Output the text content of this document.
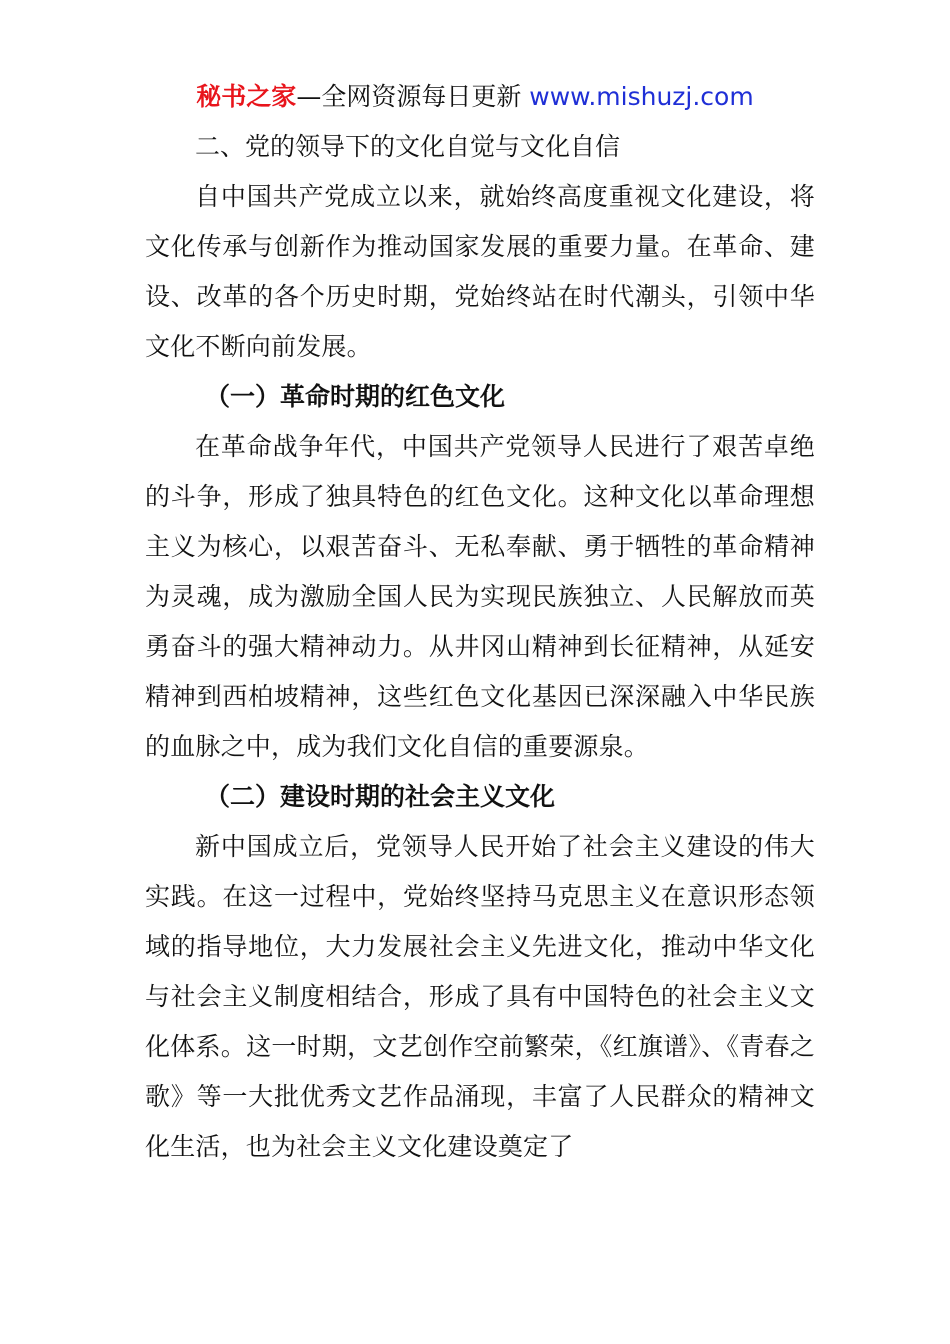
秘书之家—全网资源每日更新 www.mishuzj.com
二、党的领导下的文化自觉与文化自信

自中国共产党成立以来，就始终高度重视文化建设，将文化传承与创新作为推动国家发展的重要力量。在革命、建设、改革的各个历史时期，党始终站在时代潮头，引领中华文化不断向前发展。

（一）革命时期的红色文化

在革命战争年代，中国共产党领导人民进行了艰苦卓绝的斗争，形成了独具特色的红色文化。这种文化以革命理想主义为核心，以艰苦奋斗、无私奉献、勇于牺牲的革命精神为灵魂，成为激励全国人民为实现民族独立、人民解放而英勇奋斗的强大精神动力。从井冈山精神到长征精神，从延安精神到西柏坡精神，这些红色文化基因已深深融入中华民族的血脉之中，成为我们文化自信的重要源泉。

（二）建设时期的社会主义文化

新中国成立后，党领导人民开始了社会主义建设的伟大实践。在这一过程中，党始终坚持马克思主义在意识形态领域的指导地位，大力发展社会主义先进文化，推动中华文化与社会主义制度相结合，形成了具有中国特色的社会主义文化体系。这一时期，文艺创作空前繁荣，《红旗谱》、《青春之歌》等一大批优秀文艺作品涌现，丰富了人民群众的精神文化生活，也为社会主义文化建设奠定了
